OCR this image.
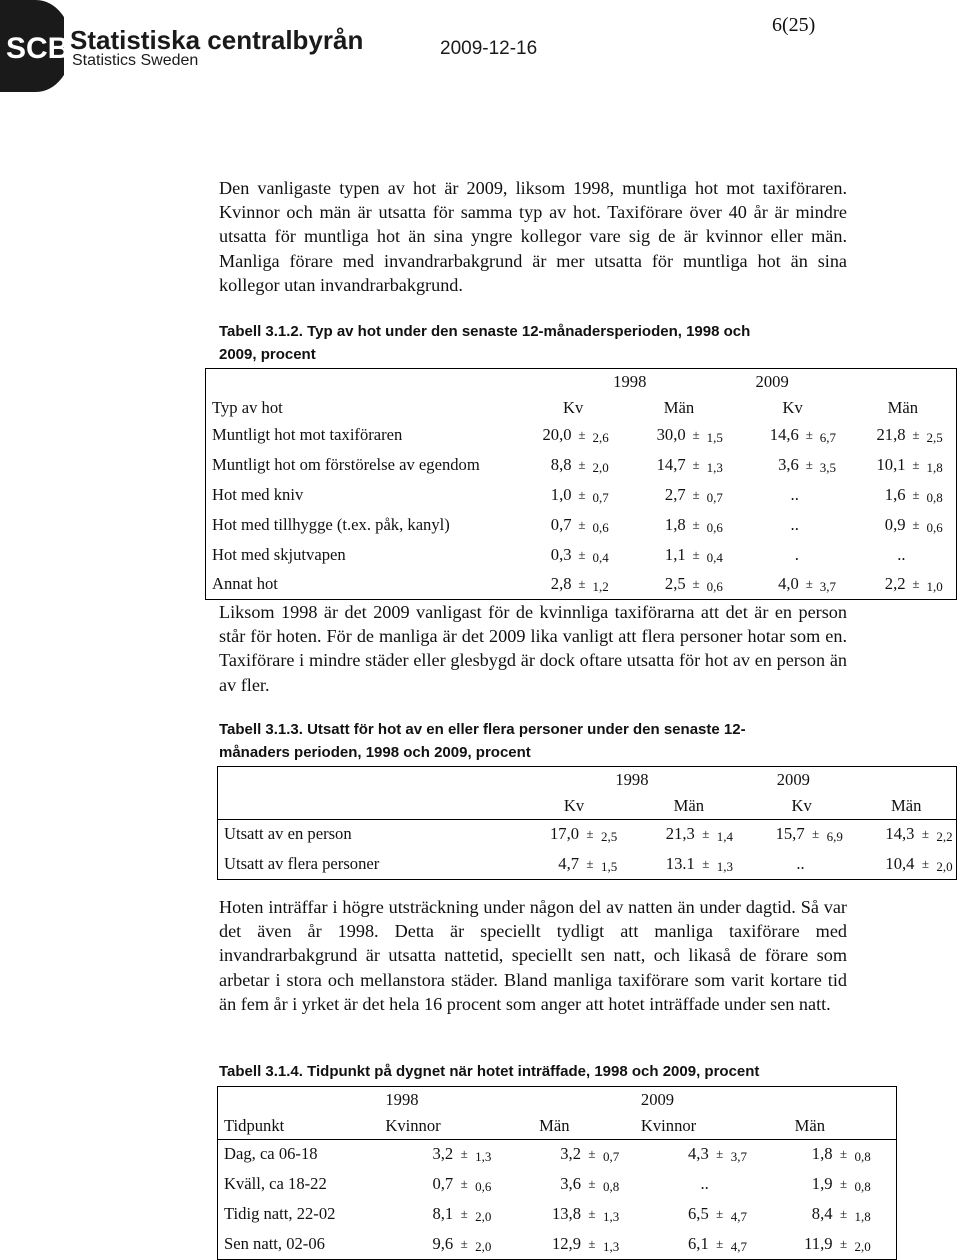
SCB Statistiska centralbyrån
Statistics Sweden
2009-12-16
6(25)
Den vanligaste typen av hot är 2009, liksom 1998, muntliga hot mot taxiföraren. Kvinnor och män är utsatta för samma typ av hot. Taxiförare över 40 år är mindre utsatta för muntliga hot än sina yngre kollegor vare sig de är kvinnor eller män. Manliga förare med invandrarbakgrund är mer utsatta för muntliga hot än sina kollegor utan invandrarbakgrund.
Tabell 3.1.2. Typ av hot under den senaste 12-månadersperioden, 1998 och
2009, procent
	1998						2009					
Typ av hot	Kv			Män			Kv			Män		
Muntligt hot mot taxiföraren	20,0	±	2,6	30,0	±	1,5	14,6	±	6,7	21,8	±	2,5
Muntligt hot om förstörelse av egendom	8,8	±	2,0	14,7	±	1,3	3,6	±	3,5	10,1	±	1,8
Hot med kniv	1,0	±	0,7	2,7	±	0,7	..			1,6	±	0,8
Hot med tillhygge (t.ex. påk, kanyl)	0,7	±	0,6	1,8	±	0,6	..			0,9	±	0,6
Hot med skjutvapen	0,3	±	0,4	1,1	±	0,4	.			..		
Annat hot	2,8	±	1,2	2,5	±	0,6	4,0	±	3,7	2,2	±	1,0
Liksom 1998 är det 2009 vanligast för de kvinnliga taxiförarna att det är en person står för hoten. För de manliga är det 2009 lika vanligt att flera personer hotar som en. Taxiförare i mindre städer eller glesbygd är dock oftare utsatta för hot av en person än av fler.
Tabell 3.1.3. Utsatt för hot av en eller flera personer under den senaste 12-
månaders perioden, 1998 och 2009, procent
	1998						2009					
	Kv			Män			Kv			Män		
Utsatt av en person	17,0	±	2,5	21,3	±	1,4	15,7	±	6,9	14,3	±	2,2
Utsatt av flera personer	4,7	±	1,5	13.1	±	1,3	..			10,4	±	2,0
Hoten inträffar i högre utsträckning under någon del av natten än under dagtid. Så var det även år 1998. Detta är speciellt tydligt att manliga taxiförare med invandrarbakgrund är utsatta nattetid, speciellt sen natt, och likaså de förare som arbetar i stora och mellanstora städer. Bland manliga taxiförare som varit kortare tid än fem år i yrket är det hela 16 procent som anger att hotet inträffade under sen natt.
Tabell 3.1.4. Tidpunkt på dygnet när hotet inträffade, 1998 och 2009, procent
	1998						2009					
Tidpunkt	Kvinnor			Män			Kvinnor			Män		
Dag, ca 06-18	3,2	±	1,3	3,2	±	0,7	4,3	±	3,7	1,8	±	0,8
Kväll, ca 18-22	0,7	±	0,6	3,6	±	0,8	..			1,9	±	0,8
Tidig natt, 22-02	8,1	±	2,0	13,8	±	1,3	6,5	±	4,7	8,4	±	1,8
Sen natt, 02-06	9,6	±	2,0	12,9	±	1,3	6,1	±	4,7	11,9	±	2,0
